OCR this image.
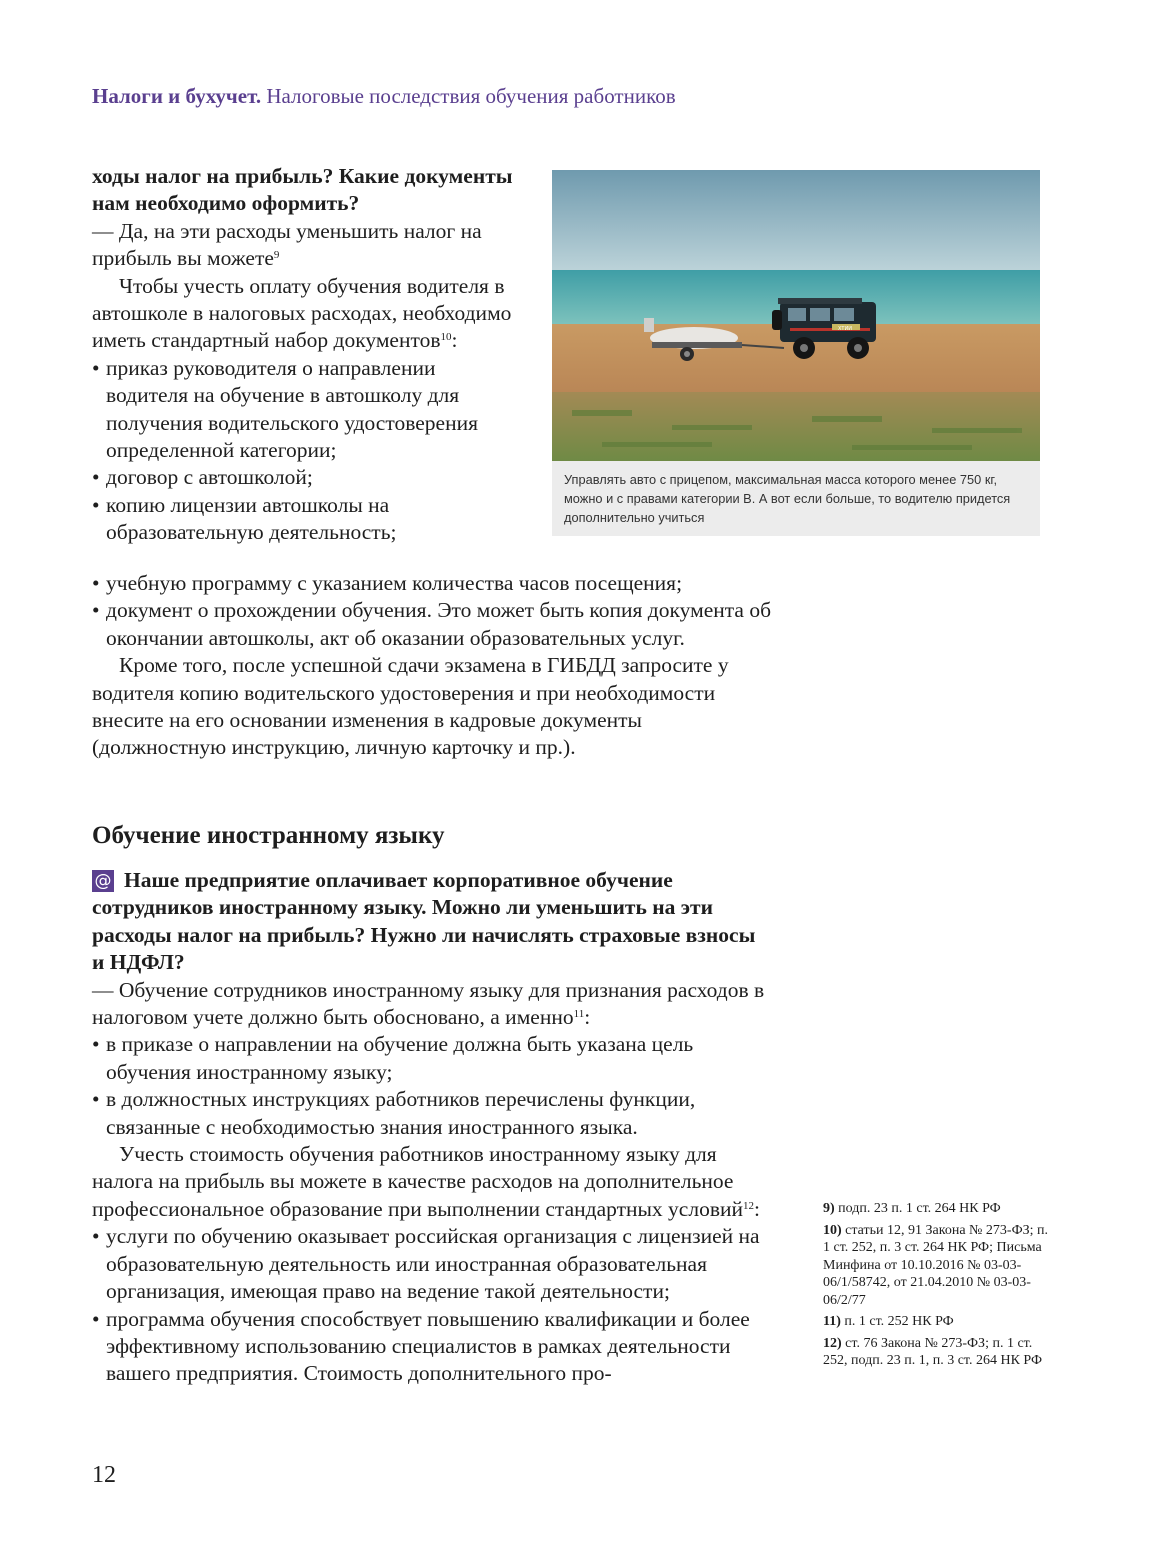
Налоги и бухучет. Налоговые последствия обучения работников

ходы налог на прибыль? Какие документы нам необходимо оформить?

— Да, на эти расходы уменьшить налог на прибыль вы можете$^9$

Чтобы учесть оплату обучения водителя в автошколе в налоговых расходах, необходимо иметь стандартный набор документов$^{10}$:

• приказ руководителя о направлении водителя на обучение в автошколу для получения водительского удостоверения определенной категории;
• договор с автошколой;
• копию лицензии автошколы на образовательную деятельность;
ХТИИ

Управлять авто с прицепом, максимальная масса которого менее 750 кг, можно и с правами категории B. А вот если больше, то водителю придется дополнительно учиться

• учебную программу с указанием количества часов посещения;
• документ о прохождении обучения. Это может быть копия документа об окончании автошколы, акт об оказании образовательных услуг.

Кроме того, после успешной сдачи экзамена в ГИБДД запросите у водителя копию водительского удостоверения и при необходимости внесите на его основании изменения в кадровые документы (должностную инструкцию, личную карточку и пр.).

Обучение иностранному языку

@ Наше предприятие оплачивает корпоративное обучение сотрудников иностранному языку. Можно ли уменьшить на эти расходы налог на прибыль? Нужно ли начислять страховые взносы и НДФЛ?

— Обучение сотрудников иностранному языку для признания расходов в налоговом учете должно быть обосновано, а именно$^{11}$:

• в приказе о направлении на обучение должна быть указана цель обучения иностранному языку;
• в должностных инструкциях работников перечислены функции, связанные с необходимостью знания иностранного языка.

Учесть стоимость обучения работников иностранному языку для налога на прибыль вы можете в качестве расходов на дополнительное профессиональное образование при выполнении стандартных условий$^{12}$:

• услуги по обучению оказывает российская организация с лицензией на образовательную деятельность или иностранная образовательная организация, имеющая право на ведение такой деятельности;
• программа обучения способствует повышению квалификации и более эффективному использованию специалистов в рамках деятельности вашего предприятия. Стоимость дополнительного про-

9) подп. 23 п. 1 ст. 264 НК РФ

10) статьи 12, 91 Закона № 273-ФЗ; п. 1 ст. 252, п. 3 ст. 264 НК РФ; Письма Минфина от 10.10.2016 № 03-03-06/1/58742, от 21.04.2010 № 03-03-06/2/77

11) п. 1 ст. 252 НК РФ

12) ст. 76 Закона № 273-ФЗ; п. 1 ст. 252, подп. 23 п. 1, п. 3 ст. 264 НК РФ

12
